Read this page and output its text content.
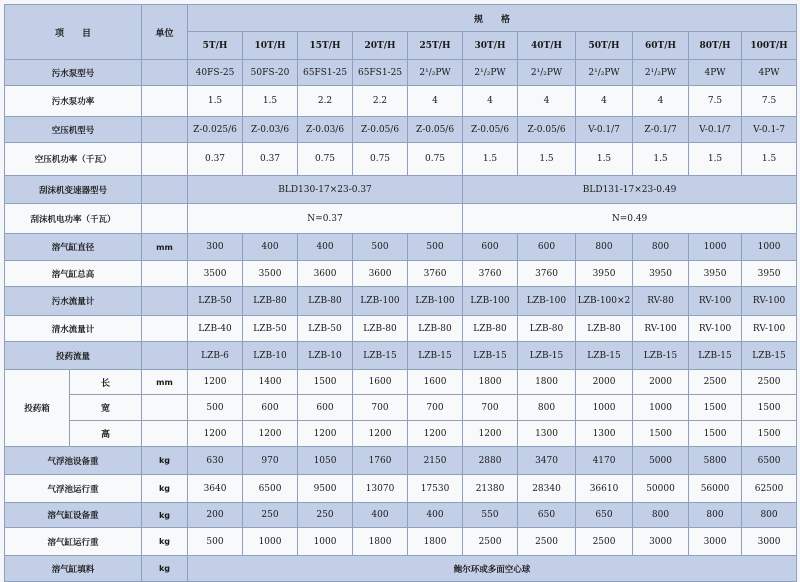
项　　目		单位	规　　格										
			5T/H	10T/H	15T/H	20T/H	25T/H	30T/H	40T/H	50T/H	60T/H	80T/H	100T/H
污水泵型号			40FS-25	50FS-20	65FS1-25	65FS1-25	2¹/₂PW	2¹/₂PW	2¹/₂PW	2¹/₂PW	2¹/₂PW	4PW	4PW
污水泵功率			1.5	1.5	2.2	2.2	4	4	4	4	4	7.5	7.5
空压机型号			Z-0.025/6	Z-0.03/6	Z-0.03/6	Z-0.05/6	Z-0.05/6	Z-0.05/6	Z-0.05/6	V-0.1/7	Z-0.1/7	V-0.1/7	V-0.1-7
空压机功率（千瓦）			0.37	0.37	0.75	0.75	0.75	1.5	1.5	1.5	1.5	1.5	1.5
刮沫机变速器型号			BLD130-17×23-0.37					BLD131-17×23-0.49					
刮沫机电功率（千瓦）			N=0.37					N=0.49					
溶气缸直径		mm	300	400	400	500	500	600	600	800	800	1000	1000
溶气缸总高			3500	3500	3600	3600	3760	3760	3760	3950	3950	3950	3950
污水流量计			LZB-50	LZB-80	LZB-80	LZB-100	LZB-100	LZB-100	LZB-100	LZB-100×2	RV-80	RV-100	RV-100
清水流量计			LZB-40	LZB-50	LZB-50	LZB-80	LZB-80	LZB-80	LZB-80	LZB-80	RV-100	RV-100	RV-100
投药流量			LZB-6	LZB-10	LZB-10	LZB-15	LZB-15	LZB-15	LZB-15	LZB-15	LZB-15	LZB-15	LZB-15
投药箱	长	mm	1200	1400	1500	1600	1600	1800	1800	2000	2000	2500	2500
	宽		500	600	600	700	700	700	800	1000	1000	1500	1500
	高		1200	1200	1200	1200	1200	1200	1300	1300	1500	1500	1500
气浮池设备重		kg	630	970	1050	1760	2150	2880	3470	4170	5000	5800	6500
气浮池运行重		kg	3640	6500	9500	13070	17530	21380	28340	36610	50000	56000	62500
溶气缸设备重		kg	200	250	250	400	400	550	650	650	800	800	800
溶气缸运行重		kg	500	1000	1000	1800	1800	2500	2500	2500	3000	3000	3000
溶气缸填料		kg	鲍尔环或多面空心球										
